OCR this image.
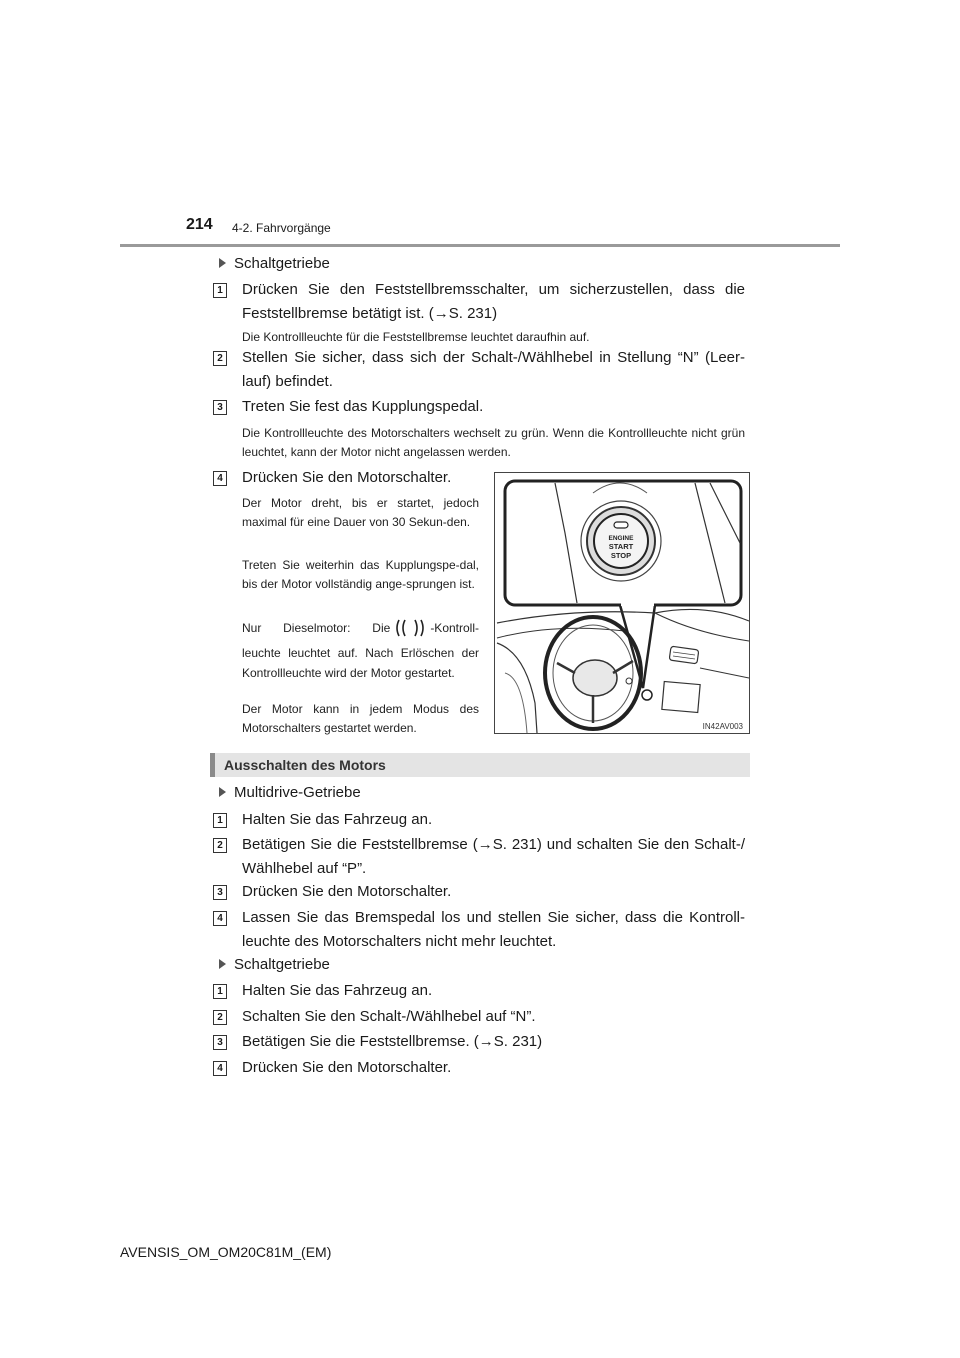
214 4-2. Fahrvorgänge
Schaltgetriebe
1 Drücken Sie den Feststellbremsschalter, um sicherzustellen, dass die Feststellbremse betätigt ist. (→S. 231)
Die Kontrollleuchte für die Feststellbremse leuchtet daraufhin auf.
2 Stellen Sie sicher, dass sich der Schalt-/Wählhebel in Stellung “N” (Leer-lauf) befindet.
3 Treten Sie fest das Kupplungspedal.
Die Kontrollleuchte des Motorschalters wechselt zu grün. Wenn die Kontrollleuchte nicht grün leuchtet, kann der Motor nicht angelassen werden.
4 Drücken Sie den Motorschalter.
Der Motor dreht, bis er startet, jedoch maximal für eine Dauer von 30 Sekun-den.
Treten Sie weiterhin das Kupplungspe-dal, bis der Motor vollständig ange-sprungen ist.
Nur Dieselmotor: Die	-Kontroll-leuchte leuchtet auf. Nach Erlöschen der Kontrollleuchte wird der Motor gestartet.
Der Motor kann in jedem Modus des Motorschalters gestartet werden.
ENGINE
START
STOP
IN42AV003
Ausschalten des Motors
Multidrive-Getriebe
1 Halten Sie das Fahrzeug an.
2 Betätigen Sie die Feststellbremse (→S. 231) und schalten Sie den Schalt-/ Wählhebel auf “P”.
3 Drücken Sie den Motorschalter.
4 Lassen Sie das Bremspedal los und stellen Sie sicher, dass die Kontroll-leuchte des Motorschalters nicht mehr leuchtet.
Schaltgetriebe
1 Halten Sie das Fahrzeug an.
2 Schalten Sie den Schalt-/Wählhebel auf “N”.
3 Betätigen Sie die Feststellbremse. (→S. 231)
4 Drücken Sie den Motorschalter.
AVENSIS_OM_OM20C81M_(EM)
